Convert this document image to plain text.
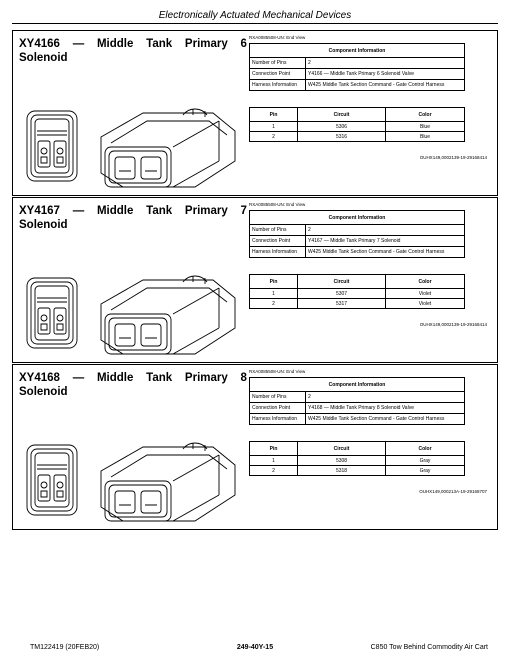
Electronically Actuated Mechanical Devices
XY4166 — Middle Tank Primary 6
Solenoid
RXA0085508-UN: End View
Component Information	
Number of Pins	2
Connection Point	Y4166 — Middle Tank Primary 6 Solenoid Valve
Harness Information	W425 Middle Tank Section Command - Gate Control Harness
Pin	Circuit	Color
1	5306	Blue
2	5316	Blue
OUHX149,0002139-19-29168414
XY4167 — Middle Tank Primary 7
Solenoid
RXA0085508-UN: End View
Component Information	
Number of Pins	2
Connection Point	Y4167 — Middle Tank Primary 7 Solenoid
Harness Information	W425 Middle Tank Section Command - Gate Control Harness
Pin	Circuit	Color
1	5307	Violet
2	5317	Violet
OUHX149,0002139-19-29168414
XY4168 — Middle Tank Primary 8
Solenoid
RXA0085508-UN: End View
Component Information	
Number of Pins	2
Connection Point	Y4168 — Middle Tank Primary 8 Solenoid Valve
Harness Information	W425 Middle Tank Section Command - Gate Control Harness
Pin	Circuit	Color
1	5308	Gray
2	5318	Gray
OUHX149,000213A-19-29168707
TM122419 (20FEB20)	249-40Y-15	C850 Tow Behind Commodity Air Cart
